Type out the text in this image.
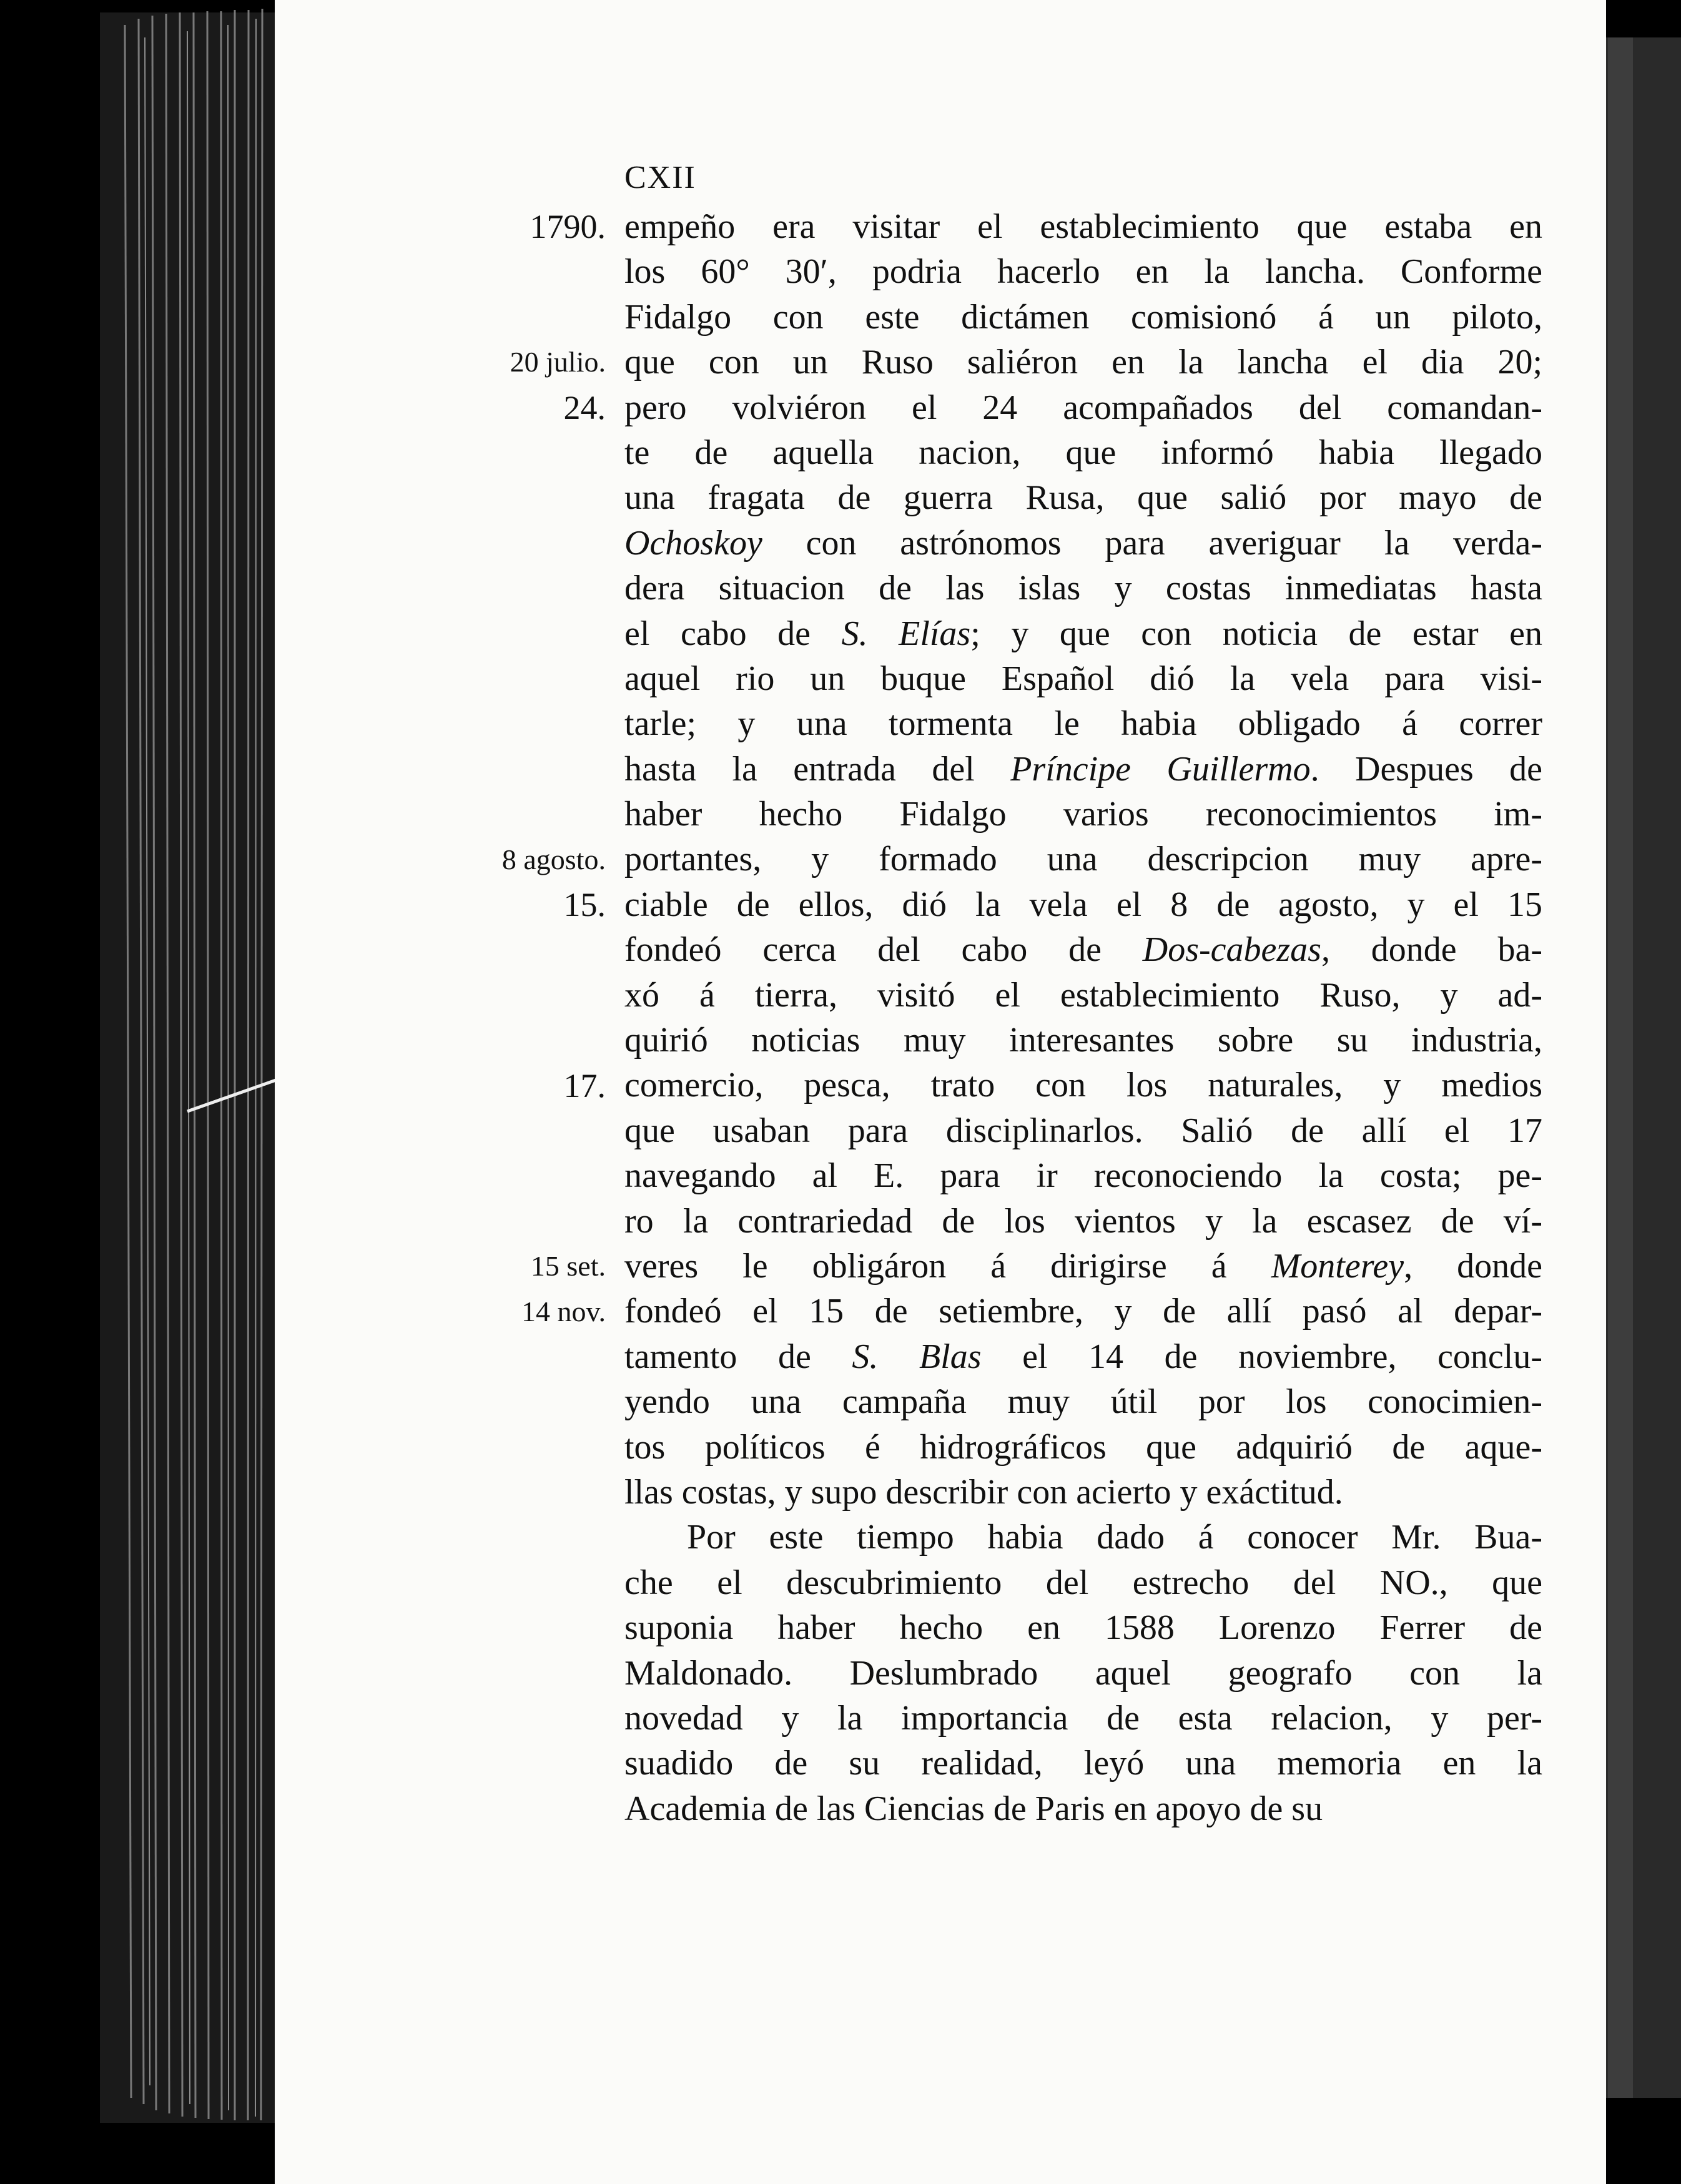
CXII
1790.
20 julio.
24.
8 agosto.
15.
17.
15 set.
14 nov.
empeño era visitar el establecimiento que estaba en
los 60° 30′, podria hacerlo en la lancha. Conforme
Fidalgo con este dictámen comisionó á un piloto,
que con un Ruso saliéron en la lancha el dia 20;
pero volviéron el 24 acompañados del comandan-
te de aquella nacion, que informó habia llegado
una fragata de guerra Rusa, que salió por mayo de
Ochoskoy con astrónomos para averiguar la verda-
dera situacion de las islas y costas inmediatas hasta
el cabo de S. Elías; y que con noticia de estar en
aquel rio un buque Español dió la vela para visi-
tarle; y una tormenta le habia obligado á correr
hasta la entrada del Príncipe Guillermo. Despues de
haber hecho Fidalgo varios reconocimientos im-
portantes, y formado una descripcion muy apre-
ciable de ellos, dió la vela el 8 de agosto, y el 15
fondeó cerca del cabo de Dos-cabezas, donde ba-
xó á tierra, visitó el establecimiento Ruso, y ad-
quirió noticias muy interesantes sobre su industria,
comercio, pesca, trato con los naturales, y medios
que usaban para disciplinarlos. Salió de allí el 17
navegando al E. para ir reconociendo la costa; pe-
ro la contrariedad de los vientos y la escasez de ví-
veres le obligáron á dirigirse á Monterey, donde
fondeó el 15 de setiembre, y de allí pasó al depar-
tamento de S. Blas el 14 de noviembre, conclu-
yendo una campaña muy útil por los conocimien-
tos políticos é hidrográficos que adquirió de aque-
llas costas, y supo describir con acierto y exáctitud.
Por este tiempo habia dado á conocer Mr. Bua-
che el descubrimiento del estrecho del NO., que
suponia haber hecho en 1588 Lorenzo Ferrer de
Maldonado. Deslumbrado aquel geografo con la
novedad y la importancia de esta relacion, y per-
suadido de su realidad, leyó una memoria en la
Academia de las Ciencias de Paris en apoyo de su
